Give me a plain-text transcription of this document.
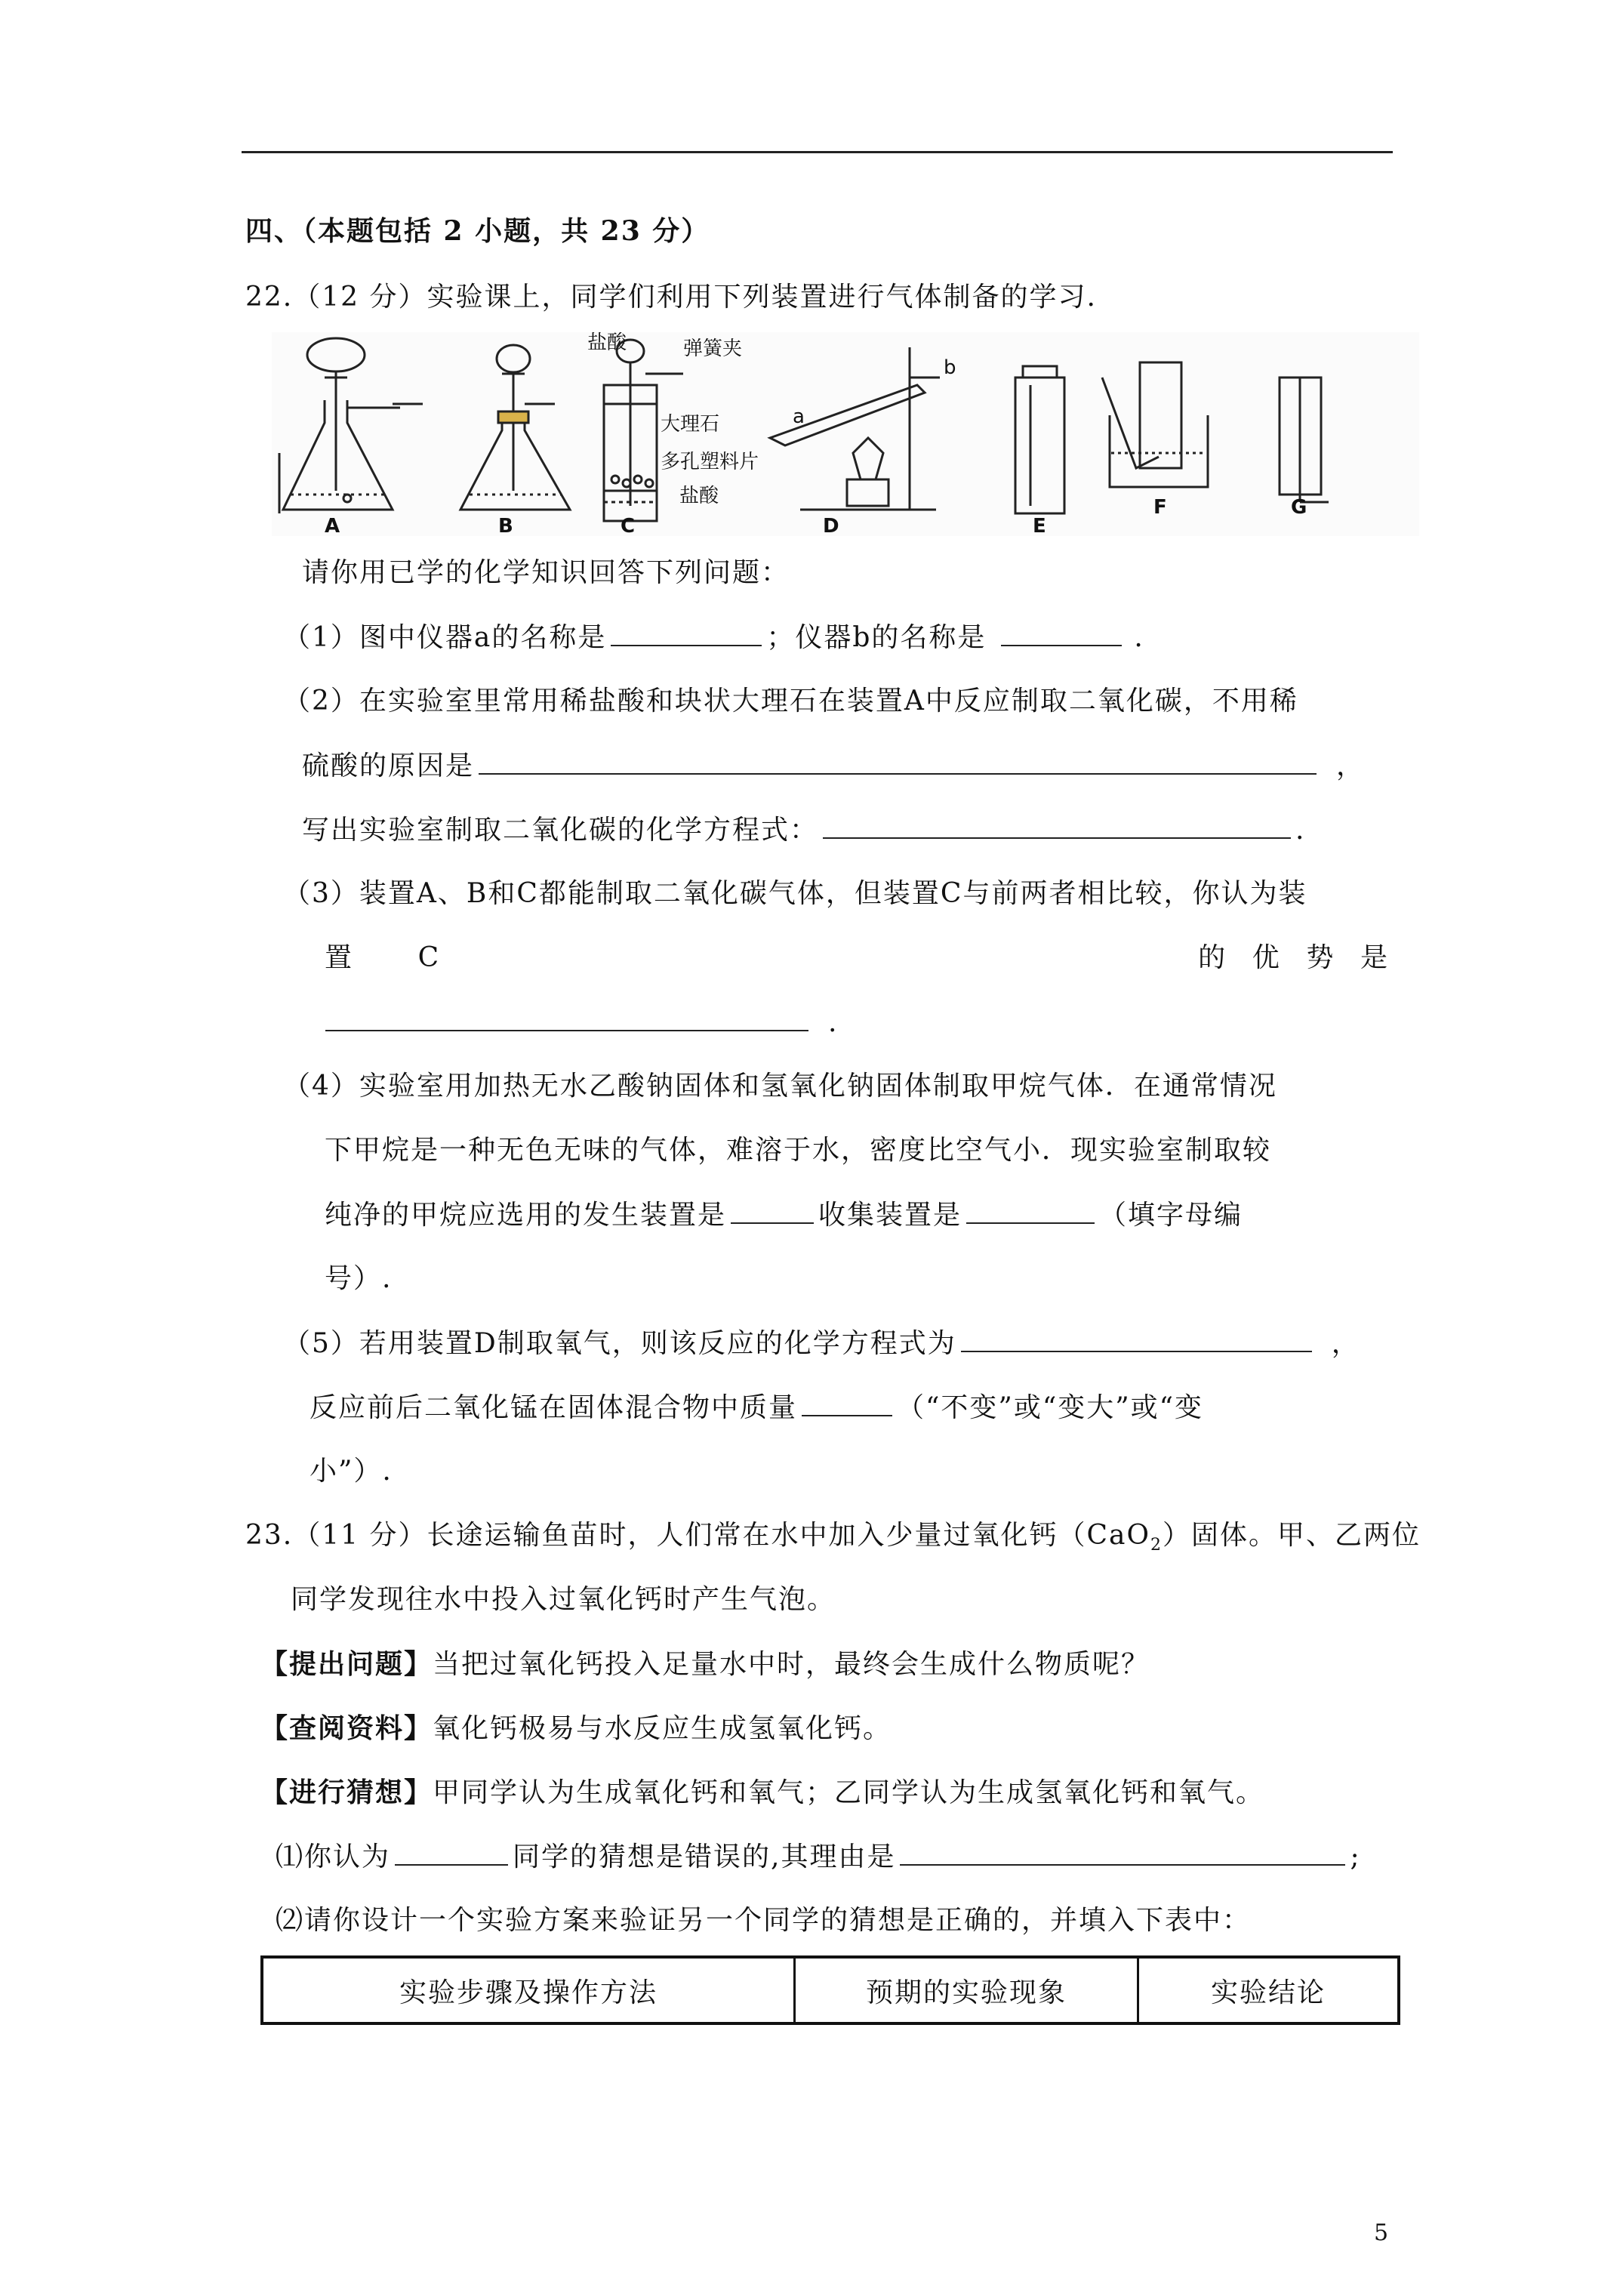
四、（本题包括 2 小题，共 23 分）
22.（12 分）实验课上，同学们利用下列装置进行气体制备的学习.
A	B	C	D	E
F	G
盐酸	弹簧夹
大理石
多孔塑料片
盐酸
a
b
请你用已学的化学知识回答下列问题：
（1）图中仪器a的名称是	；仪器b的名称是	.
（2）在实验室里常用稀盐酸和块状大理石在装置A中反应制取二氧化碳，不用稀
硫酸的原因是	，
写出实验室制取二氧化碳的化学方程式：	.
（3）装置A、B和C都能制取二氧化碳气体，但装置C与前两者相比较，你认为装
置	C	的 优 势 是
.
（4）实验室用加热无水乙酸钠固体和氢氧化钠固体制取甲烷气体．在通常情况
下甲烷是一种无色无味的气体，难溶于水，密度比空气小．现实验室制取较
纯净的甲烷应选用的发生装置是	收集装置是	（填字母编
号）.
（5）若用装置D制取氧气，则该反应的化学方程式为	，
反应前后二氧化锰在固体混合物中质量	（“不变”或“变大”或“变
小”）.
23.（11 分）长途运输鱼苗时，人们常在水中加入少量过氧化钙（CaO$_2$）固体。甲、乙两位
同学发现往水中投入过氧化钙时产生气泡。
【提出问题】当把过氧化钙投入足量水中时，最终会生成什么物质呢？
【查阅资料】氧化钙极易与水反应生成氢氧化钙。
【进行猜想】甲同学认为生成氧化钙和氧气；乙同学认为生成氢氧化钙和氧气。
⑴你认为	同学的猜想是错误的,其理由是	;
⑵请你设计一个实验方案来验证另一个同学的猜想是正确的，并填入下表中：
实验步骤及操作方法	预期的实验现象	实验结论
5
